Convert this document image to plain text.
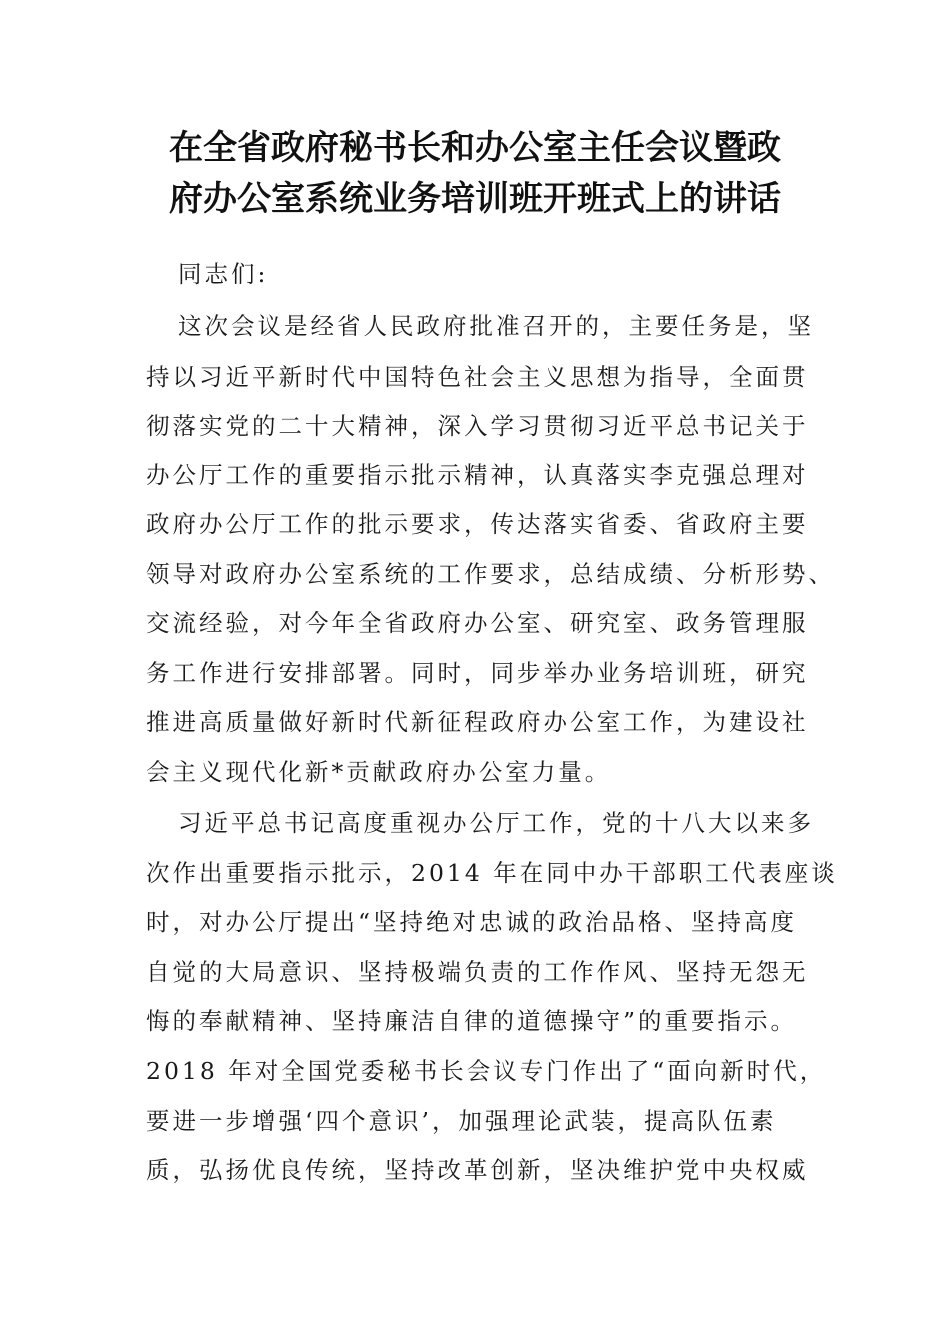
在全省政府秘书长和办公室主任会议暨政
府办公室系统业务培训班开班式上的讲话
同志们:
这次会议是经省人民政府批准召开的，主要任务是，坚
持以习近平新时代中国特色社会主义思想为指导，全面贯
彻落实党的二十大精神，深入学习贯彻习近平总书记关于
办公厅工作的重要指示批示精神，认真落实李克强总理对
政府办公厅工作的批示要求，传达落实省委、省政府主要
领导对政府办公室系统的工作要求，总结成绩、分析形势、
交流经验，对今年全省政府办公室、研究室、政务管理服
务工作进行安排部署。同时，同步举办业务培训班，研究
推进高质量做好新时代新征程政府办公室工作，为建设社
会主义现代化新*贡献政府办公室力量。
习近平总书记高度重视办公厅工作，党的十八大以来多
次作出重要指示批示，2014 年在同中办干部职工代表座谈
时，对办公厅提出“坚持绝对忠诚的政治品格、坚持高度
自觉的大局意识、坚持极端负责的工作作风、坚持无怨无
悔的奉献精神、坚持廉洁自律的道德操守”的重要指示。
2018 年对全国党委秘书长会议专门作出了“面向新时代，
要进一步增强‘四个意识’，加强理论武装，提高队伍素
质，弘扬优良传统，坚持改革创新，坚决维护党中央权威
